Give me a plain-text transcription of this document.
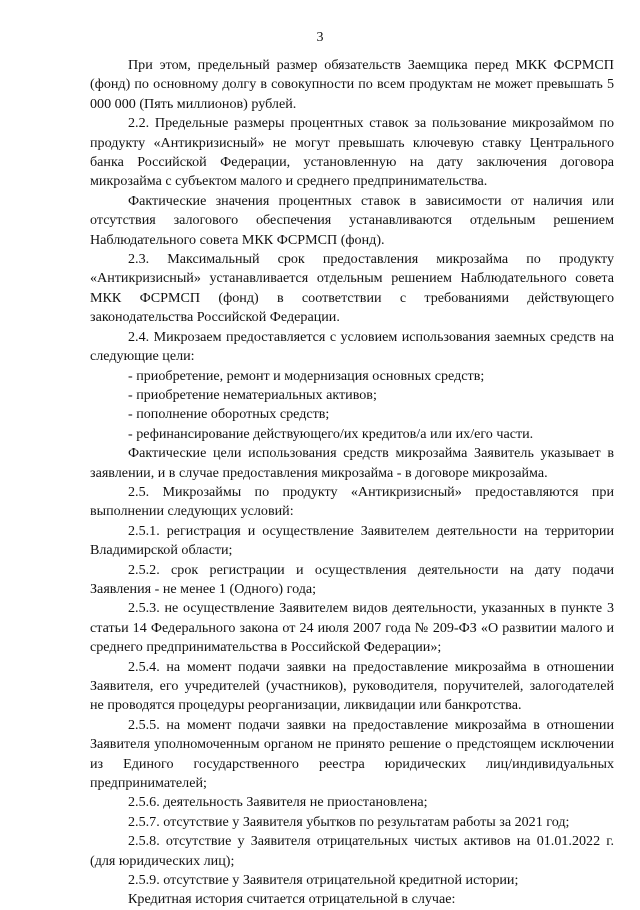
3

При этом, предельный размер обязательств Заемщика перед МКК ФСРМСП (фонд) по основному долгу в совокупности по всем продуктам не может превышать 5 000 000 (Пять миллионов) рублей.

2.2. Предельные размеры процентных ставок за пользование микрозаймом по продукту «Антикризисный» не могут превышать ключевую ставку Центрального банка Российской Федерации, установленную на дату заключения договора микрозайма с субъектом малого и среднего предпринимательства.

Фактические значения процентных ставок в зависимости от наличия или отсутствия залогового обеспечения устанавливаются отдельным решением Наблюдательного совета МКК ФСРМСП (фонд).

2.3. Максимальный срок предоставления микрозайма по продукту «Антикризисный» устанавливается отдельным решением Наблюдательного совета МКК ФСРМСП (фонд) в соответствии с требованиями действующего законодательства Российской Федерации.

2.4. Микрозаем предоставляется с условием использования заемных средств на следующие цели:

- приобретение, ремонт и модернизация основных средств;

- приобретение нематериальных активов;

- пополнение оборотных средств;

- рефинансирование действующего/их кредитов/а или их/его части.

Фактические цели использования средств микрозайма Заявитель указывает в заявлении, и в случае предоставления микрозайма - в договоре микрозайма.

2.5. Микрозаймы по продукту «Антикризисный» предоставляются при выполнении следующих условий:

2.5.1. регистрация и осуществление Заявителем деятельности на территории Владимирской области;

2.5.2. срок регистрации и осуществления деятельности на дату подачи Заявления - не менее 1 (Одного) года;

2.5.3. не осуществление Заявителем видов деятельности, указанных в пункте 3 статьи 14 Федерального закона от 24 июля 2007 года № 209-ФЗ «О развитии малого и среднего предпринимательства в Российской Федерации»;

2.5.4. на момент подачи заявки на предоставление микрозайма в отношении Заявителя, его учредителей (участников), руководителя, поручителей, залогодателей не проводятся процедуры реорганизации, ликвидации или банкротства.

2.5.5. на момент подачи заявки на предоставление микрозайма в отношении Заявителя уполномоченным органом не принято решение о предстоящем исключении из Единого государственного реестра юридических лиц/индивидуальных предпринимателей;

2.5.6. деятельность Заявителя не приостановлена;

2.5.7. отсутствие у Заявителя убытков по результатам работы за 2021 год;

2.5.8. отсутствие у Заявителя отрицательных чистых активов на 01.01.2022 г. (для юридических лиц);

2.5.9. отсутствие у Заявителя отрицательной кредитной истории;

Кредитная история считается отрицательной в случае:
